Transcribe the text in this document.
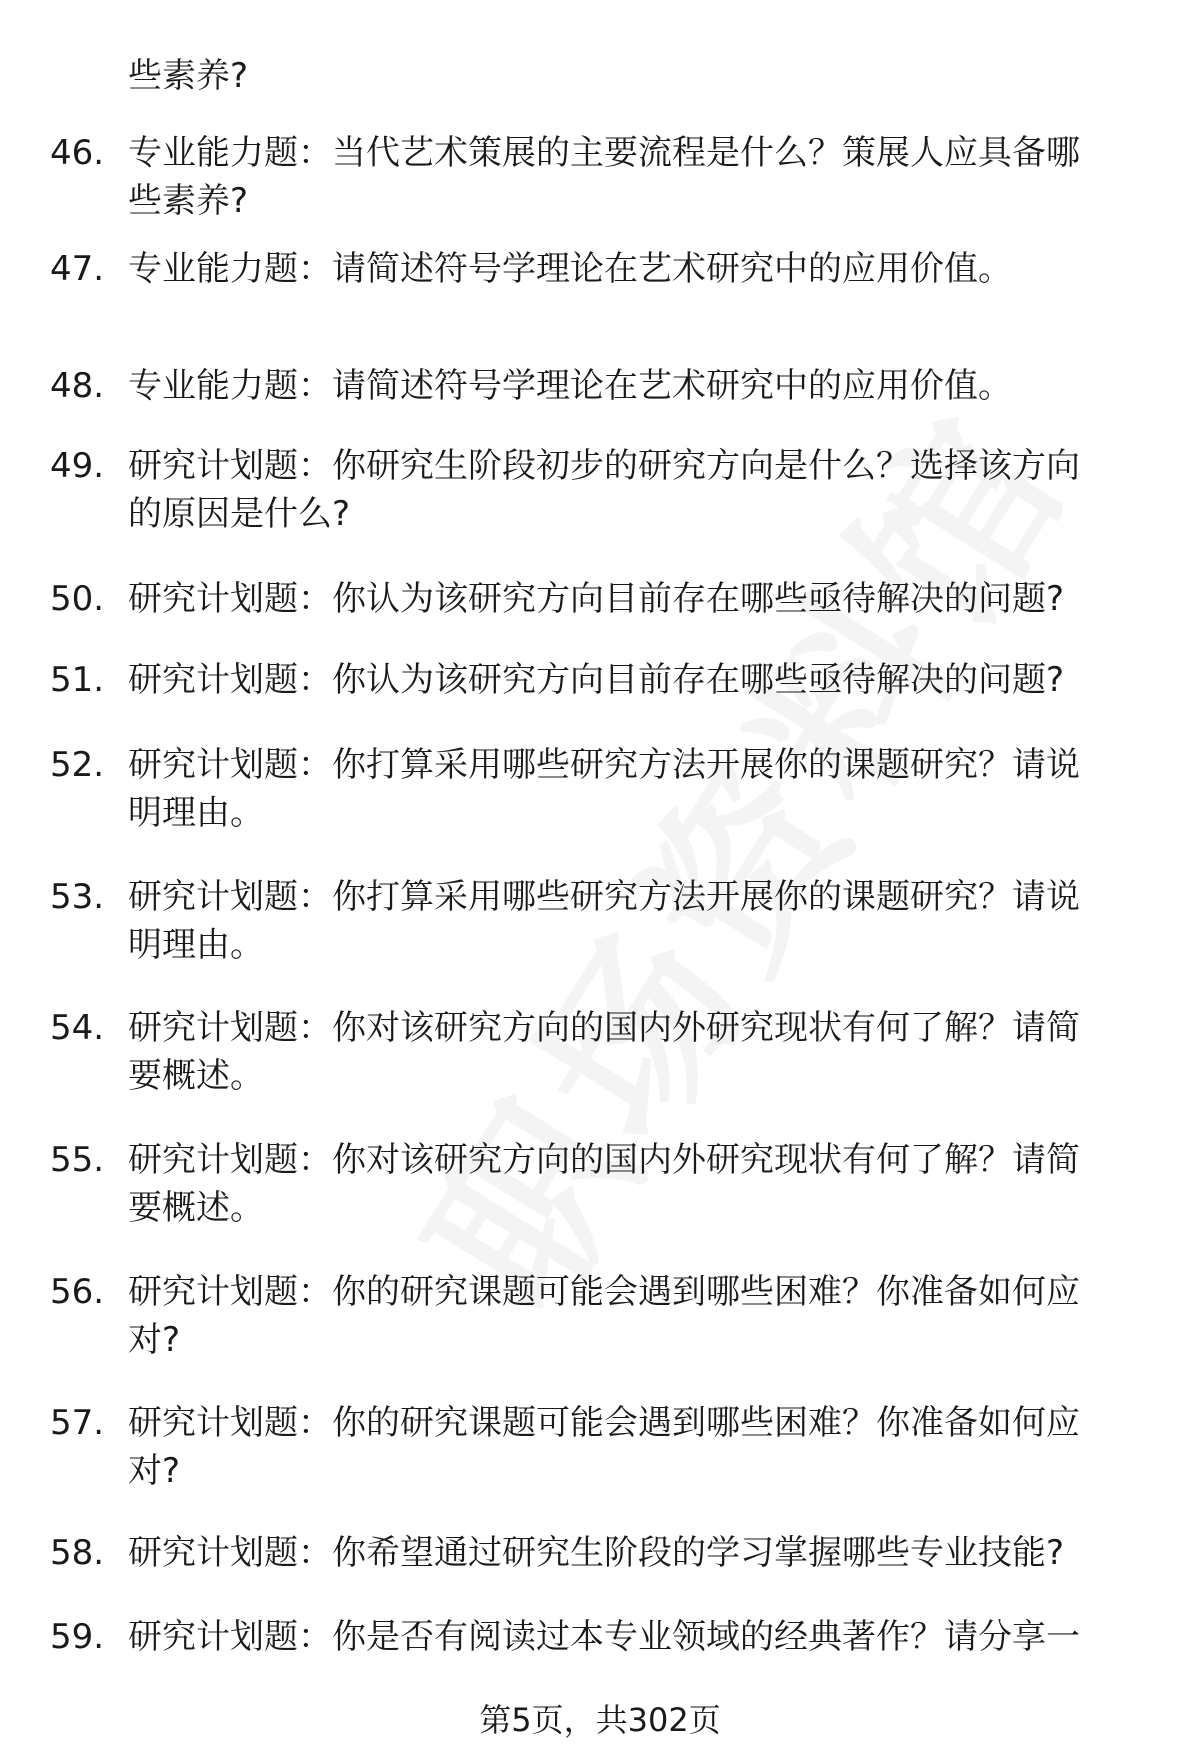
些素养?
46. 专业能力题：当代艺术策展的主要流程是什么？策展人应具备哪
些素养?
47. 专业能力题：请简述符号学理论在艺术研究中的应用价值。
48. 专业能力题：请简述符号学理论在艺术研究中的应用价值。
49. 研究计划题：你研究生阶段初步的研究方向是什么？选择该方向
的原因是什么?
50. 研究计划题：你认为该研究方向目前存在哪些亟待解决的问题?
51. 研究计划题：你认为该研究方向目前存在哪些亟待解决的问题?
52. 研究计划题：你打算采用哪些研究方法开展你的课题研究？请说
明理由。
53. 研究计划题：你打算采用哪些研究方法开展你的课题研究？请说
明理由。
54. 研究计划题：你对该研究方向的国内外研究现状有何了解？请简
要概述。
55. 研究计划题：你对该研究方向的国内外研究现状有何了解？请简
要概述。
56. 研究计划题：你的研究课题可能会遇到哪些困难？你准备如何应
对?
57. 研究计划题：你的研究课题可能会遇到哪些困难？你准备如何应
对?
58. 研究计划题：你希望通过研究生阶段的学习掌握哪些专业技能?
59. 研究计划题：你是否有阅读过本专业领域的经典著作？请分享一
第5页，共302页
